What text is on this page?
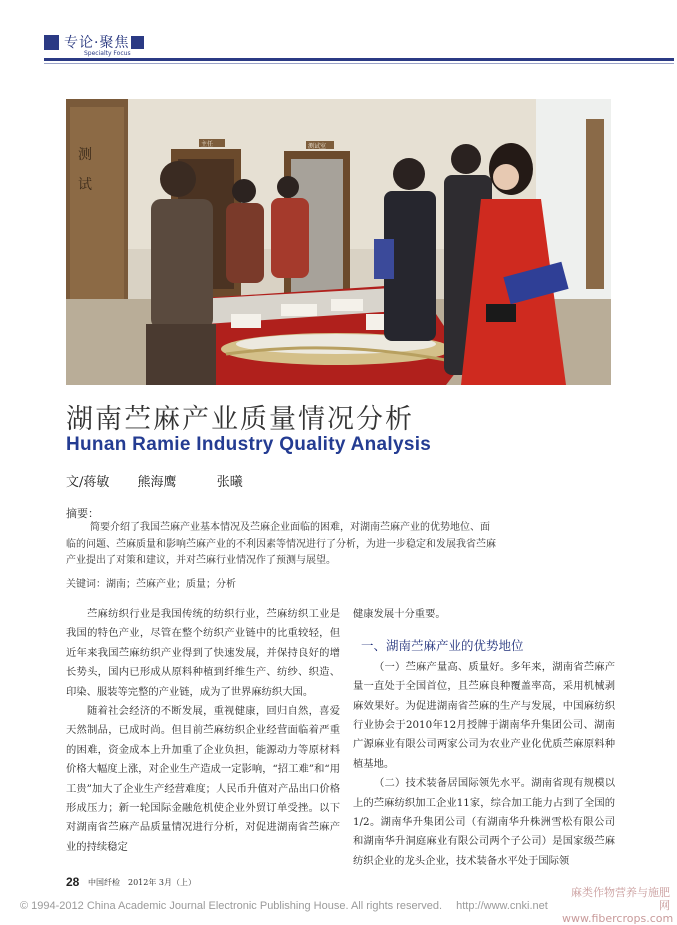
专论·聚焦
Specialty Focus
测
试
主任	测试室
湖南苎麻产业质量情况分析
Hunan Ramie Industry Quality Analysis
文/蒋敏 熊海鹰	张曦
摘要：
简要介绍了我国苎麻产业基本情况及苎麻企业面临的困难，对湖南苎麻产业的优势地位、面临的问题、苎麻质量和影响苎麻产业的不利因素等情况进行了分析，为进一步稳定和发展我省苎麻产业提出了对策和建议，并对苎麻行业情况作了预测与展望。
关键词：湖南；苎麻产业；质量；分析

苎麻纺织行业是我国传统的纺织行业，苎麻纺织工业是我国的特色产业，尽管在整个纺织产业链中的比重较轻，但近年来我国苎麻纺织产业得到了快速发展，并保持良好的增长势头，国内已形成从原料种植到纤维生产、纺纱、织造、印染、服装等完整的产业链，成为了世界麻纺织大国。

随着社会经济的不断发展，重视健康，回归自然，喜爱天然制品，已成时尚。但目前苎麻纺织企业经营面临着严重的困难，资金成本上升加重了企业负担，能源动力等原材料价格大幅度上涨，对企业生产造成一定影响，“招工难”和“用工贵”加大了企业生产经营难度；人民币升值对产品出口价格形成压力；新一轮国际金融危机使企业外贸订单受挫。以下对湖南省苎麻产品质量情况进行分析，对促进湖南省苎麻产业的持续稳定

健康发展十分重要。

一、湖南苎麻产业的优势地位

（一）苎麻产量高、质量好。多年来，湖南省苎麻产量一直处于全国首位，且苎麻良种覆盖率高，采用机械剥麻效果好。为促进湖南省苎麻的生产与发展，中国麻纺织行业协会于2010年12月授牌于湖南华升集团公司、湖南广源麻业有限公司两家公司为农业产业化优质苎麻原料种植基地。

（二）技术装备居国际领先水平。湖南省现有规模以上的苎麻纺织加工企业11家，综合加工能力占到了全国的1/2。湖南华升集团公司（有湖南华升株洲雪松有限公司和湖南华升洞庭麻业有限公司两个子公司）是国家级苎麻纺织企业的龙头企业，技术装备水平处于国际领

28 中国纤检　2012年 3月（上）
© 1994-2012 China Academic Journal Electronic Publishing House. All rights reserved.　 http://www.cnki.net
麻类作物营养与施肥网
www.fibercrops.com
